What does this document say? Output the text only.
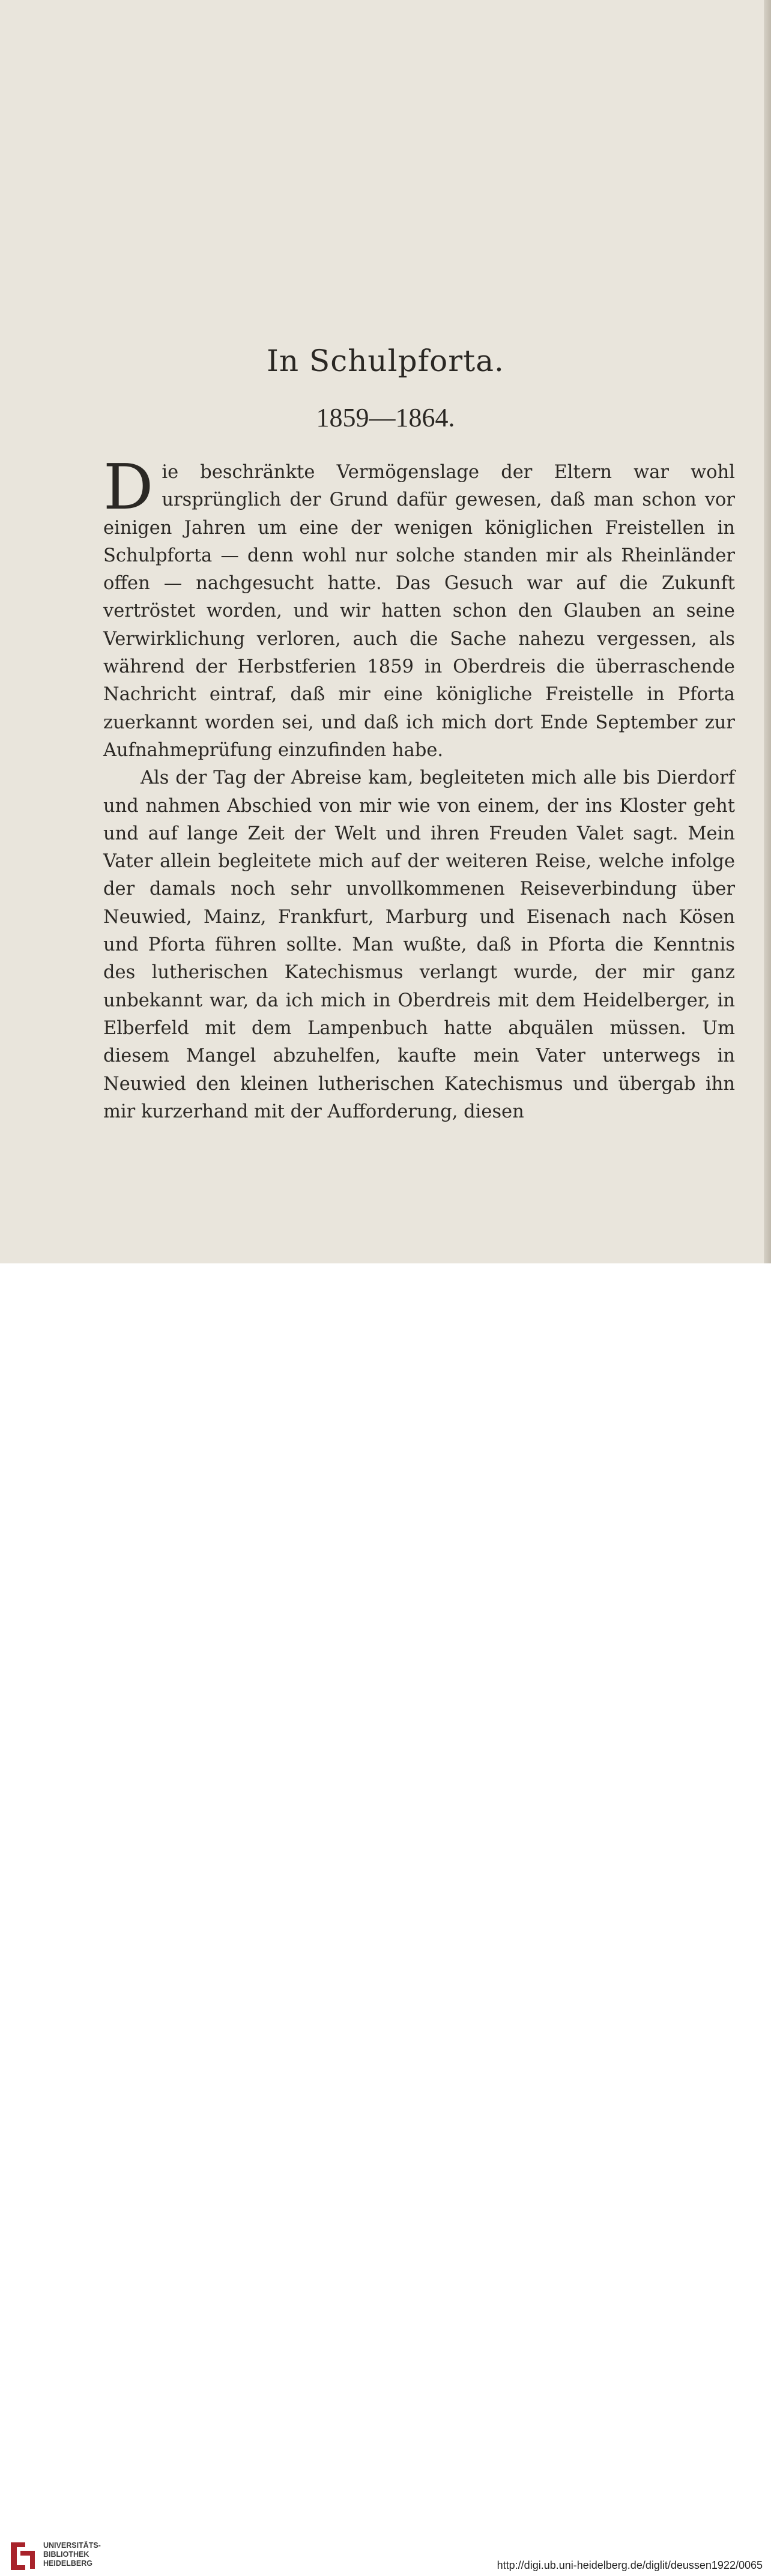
In Schulpforta.
1859—1864.

Die beschränkte Vermögenslage der Eltern war wohl ursprünglich der Grund dafür gewesen, daß man schon vor einigen Jahren um eine der wenigen königlichen Freistellen in Schulpforta — denn wohl nur solche standen mir als Rheinländer offen — nachgesucht hatte. Das Gesuch war auf die Zukunft vertröstet worden, und wir hatten schon den Glauben an seine Verwirklichung verloren, auch die Sache nahezu vergessen, als während der Herbstferien 1859 in Oberdreis die überraschende Nachricht eintraf, daß mir eine königliche Freistelle in Pforta zuerkannt worden sei, und daß ich mich dort Ende September zur Aufnahmeprüfung einzufinden habe.

Als der Tag der Abreise kam, begleiteten mich alle bis Dierdorf und nahmen Abschied von mir wie von einem, der ins Kloster geht und auf lange Zeit der Welt und ihren Freuden Valet sagt. Mein Vater allein begleitete mich auf der weiteren Reise, welche infolge der damals noch sehr unvollkommenen Reiseverbindung über Neuwied, Mainz, Frankfurt, Marburg und Eisenach nach Kösen und Pforta führen sollte. Man wußte, daß in Pforta die Kenntnis des lutherischen Katechismus verlangt wurde, der mir ganz unbekannt war, da ich mich in Oberdreis mit dem Heidelberger, in Elberfeld mit dem Lampenbuch hatte abquälen müssen. Um diesem Mangel abzuhelfen, kaufte mein Vater unterwegs in Neuwied den kleinen lutherischen Katechismus und übergab ihn mir kurzerhand mit der Aufforderung, diesen

UNIVERSITÄTS-
BIBLIOTHEK
HEIDELBERG	http://digi.ub.uni-heidelberg.de/diglit/deussen1922/0065
